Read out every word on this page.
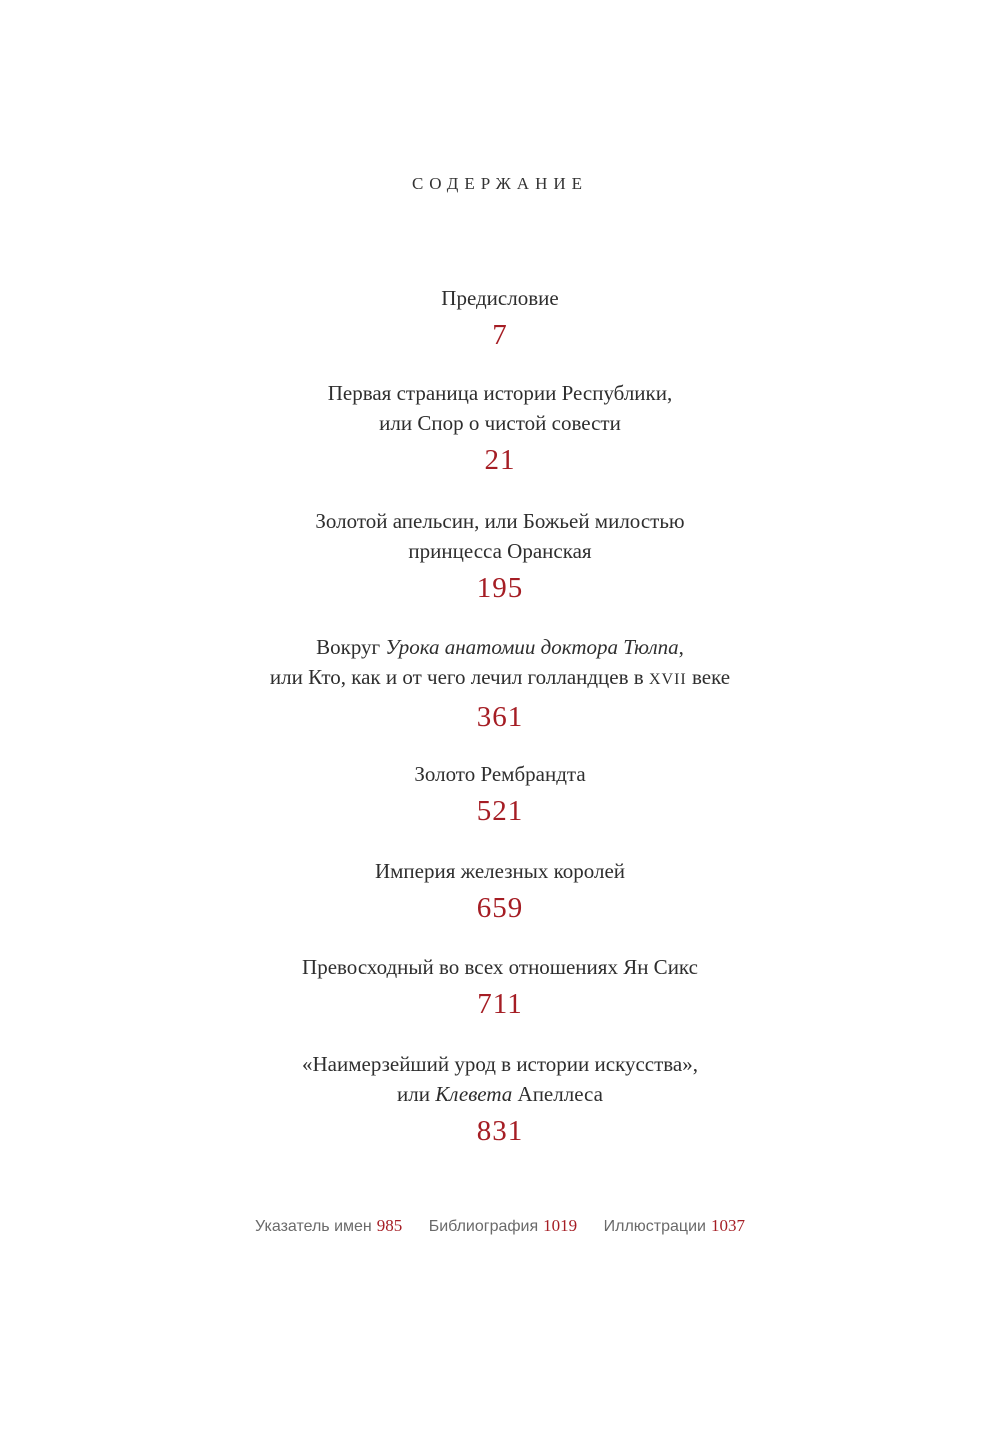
СОДЕРЖАНИЕ
Предисловие
7
Первая страница истории Республики,
или Спор о чистой совести
21
Золотой апельсин, или Божьей милостью
принцесса Оранская
195
Вокруг Урока анатомии доктора Тюлпа,
или Кто, как и от чего лечил голландцев в XVII веке
361
Золото Рембрандта
521
Империя железных королей
659
Превосходный во всех отношениях Ян Сикс
711
«Наимерзейший урод в истории искусства»,
или Клевета Апеллеса
831
Указатель имен 985 Библиография 1019 Иллюстрации 1037
